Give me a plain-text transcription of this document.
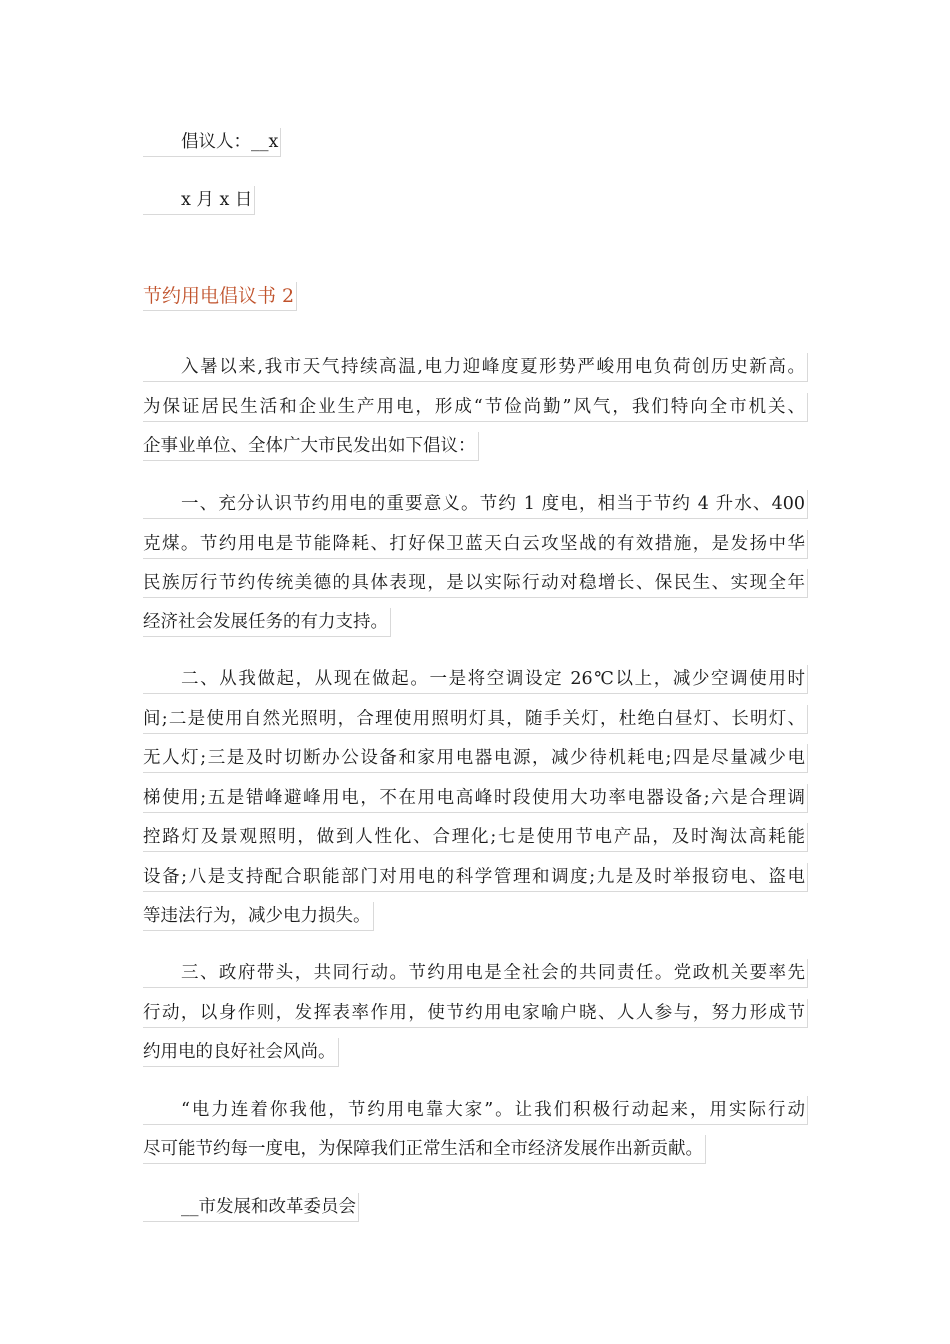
倡议人：__x
x 月 x 日
节约用电倡议书 2
入暑以来,我市天气持续高温,电力迎峰度夏形势严峻用电负荷创历史新高。
为保证居民生活和企业生产用电，形成“节俭尚勤”风气，我们特向全市机关、
企事业单位、全体广大市民发出如下倡议：
一、充分认识节约用电的重要意义。节约 1 度电，相当于节约 4 升水、400
克煤。节约用电是节能降耗、打好保卫蓝天白云攻坚战的有效措施，是发扬中华
民族厉行节约传统美德的具体表现，是以实际行动对稳增长、保民生、实现全年
经济社会发展任务的有力支持。
二、从我做起，从现在做起。一是将空调设定 26℃以上，减少空调使用时
间;二是使用自然光照明，合理使用照明灯具，随手关灯，杜绝白昼灯、长明灯、
无人灯;三是及时切断办公设备和家用电器电源，减少待机耗电;四是尽量减少电
梯使用;五是错峰避峰用电，不在用电高峰时段使用大功率电器设备;六是合理调
控路灯及景观照明，做到人性化、合理化;七是使用节电产品，及时淘汰高耗能
设备;八是支持配合职能部门对用电的科学管理和调度;九是及时举报窃电、盗电
等违法行为，减少电力损失。
三、政府带头，共同行动。节约用电是全社会的共同责任。党政机关要率先
行动，以身作则，发挥表率作用，使节约用电家喻户晓、人人参与，努力形成节
约用电的良好社会风尚。
“电力连着你我他，节约用电靠大家”。让我们积极行动起来，用实际行动
尽可能节约每一度电，为保障我们正常生活和全市经济发展作出新贡献。
__市发展和改革委员会
